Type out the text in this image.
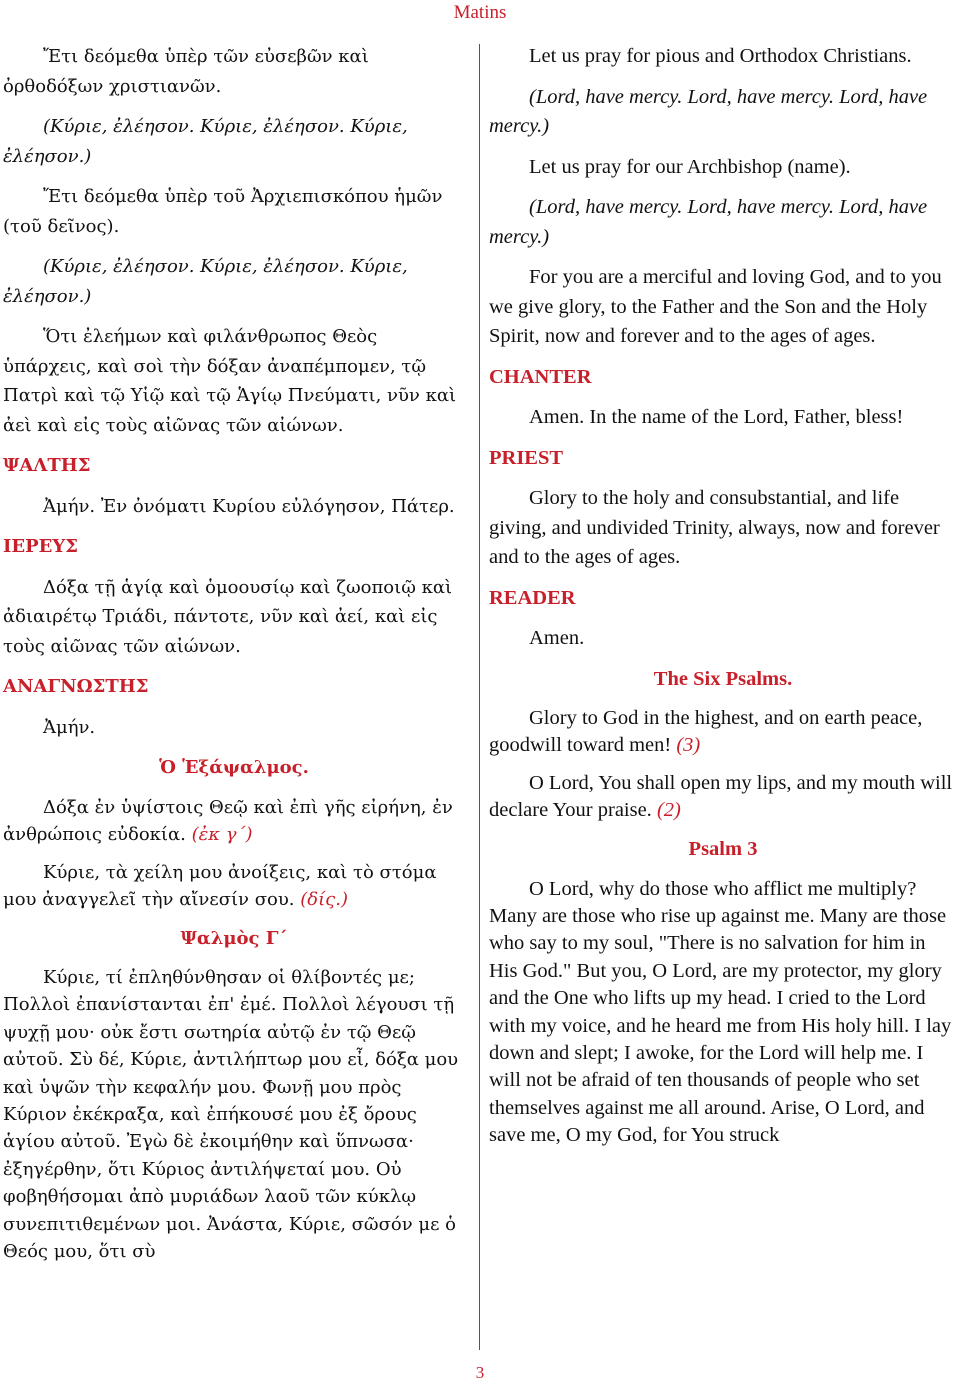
Matins

Ἔτι δεόμεθα ὑπὲρ τῶν εὐσεβῶν καὶ ὀρθοδόξων χριστιανῶν.

(Κύριε, ἐλέησον. Κύριε, ἐλέησον. Κύριε, ἐλέησον.)

Ἔτι δεόμεθα ὑπὲρ τοῦ Ἀρχιεπισκόπου ἡμῶν (τοῦ δεῖνος).

(Κύριε, ἐλέησον. Κύριε, ἐλέησον. Κύριε, ἐλέησον.)

Ὅτι ἐλεήμων καὶ φιλάνθρωπος Θεὸς ὑπάρχεις, καὶ σοὶ τὴν δόξαν ἀναπέμπομεν, τῷ Πατρὶ καὶ τῷ Υἱῷ καὶ τῷ Ἁγίῳ Πνεύματι, νῦν καὶ ἀεὶ καὶ εἰς τοὺς αἰῶνας τῶν αἰώνων.

ΨΑΛΤΗΣ

Ἀμήν. Ἐν ὀνόματι Κυρίου εὐλόγησον, Πάτερ.

ΙΕΡΕΥΣ

Δόξα τῇ ἁγίᾳ καὶ ὁμοουσίῳ καὶ ζωοποιῷ καὶ ἀδιαιρέτῳ Τριάδι, πάντοτε, νῦν καὶ ἀεί, καὶ εἰς τοὺς αἰῶνας τῶν αἰώνων.

ΑΝΑΓΝΩΣΤΗΣ

Ἀμήν.

Ὁ Ἑξάψαλμος.

Δόξα ἐν ὑψίστοις Θεῷ καὶ ἐπὶ γῆς εἰρήνη, ἐν ἀνθρώποις εὐδοκία. (ἐκ γ΄)

Κύριε, τὰ χείλη μου ἀνοίξεις, καὶ τὸ στόμα μου ἀναγγελεῖ τὴν αἴνεσίν σου. (δίς.)

Ψαλμὸς Γ΄

Κύριε, τί ἐπληθύνθησαν οἱ θλίβοντές με; Πολλοὶ ἐπανίστανται ἐπ' ἐμέ. Πολλοὶ λέγουσι τῇ ψυχῇ μου· οὐκ ἔστι σωτηρία αὐτῷ ἐν τῷ Θεῷ αὐτοῦ. Σὺ δέ, Κύριε, ἀντιλήπτωρ μου εἶ, δόξα μου καὶ ὑψῶν τὴν κεφαλήν μου. Φωνῇ μου πρὸς Κύριον ἐκέκραξα, καὶ ἐπήκουσέ μου ἐξ ὄρους ἁγίου αὐτοῦ. Ἐγὼ δὲ ἐκοιμήθην καὶ ὕπνωσα· ἐξηγέρθην, ὅτι Κύριος ἀντιλήψεταί μου. Οὐ φοβηθήσομαι ἀπὸ μυριάδων λαοῦ τῶν κύκλῳ συνεπιτιθεμένων μοι. Ἀνάστα, Κύριε, σῶσόν με ὁ Θεός μου, ὅτι σὺ

Let us pray for pious and Orthodox Christians.

(Lord, have mercy. Lord, have mercy. Lord, have mercy.)

Let us pray for our Archbishop (name).

(Lord, have mercy. Lord, have mercy. Lord, have mercy.)

For you are a merciful and loving God, and to you we give glory, to the Father and the Son and the Holy Spirit, now and forever and to the ages of ages.

CHANTER

Amen. In the name of the Lord, Father, bless!

PRIEST

Glory to the holy and consubstantial, and life giving, and undivided Trinity, always, now and forever and to the ages of ages.

READER

Amen.

The Six Psalms.

Glory to God in the highest, and on earth peace, goodwill toward men! (3)

O Lord, You shall open my lips, and my mouth will declare Your praise. (2)

Psalm 3

O Lord, why do those who afflict me multiply? Many are those who rise up against me. Many are those who say to my soul, "There is no salvation for him in His God." But you, O Lord, are my protector, my glory and the One who lifts up my head. I cried to the Lord with my voice, and he heard me from His holy hill. I lay down and slept; I awoke, for the Lord will help me. I will not be afraid of ten thousands of people who set themselves against me all around. Arise, O Lord, and save me, O my God, for You struck

3
